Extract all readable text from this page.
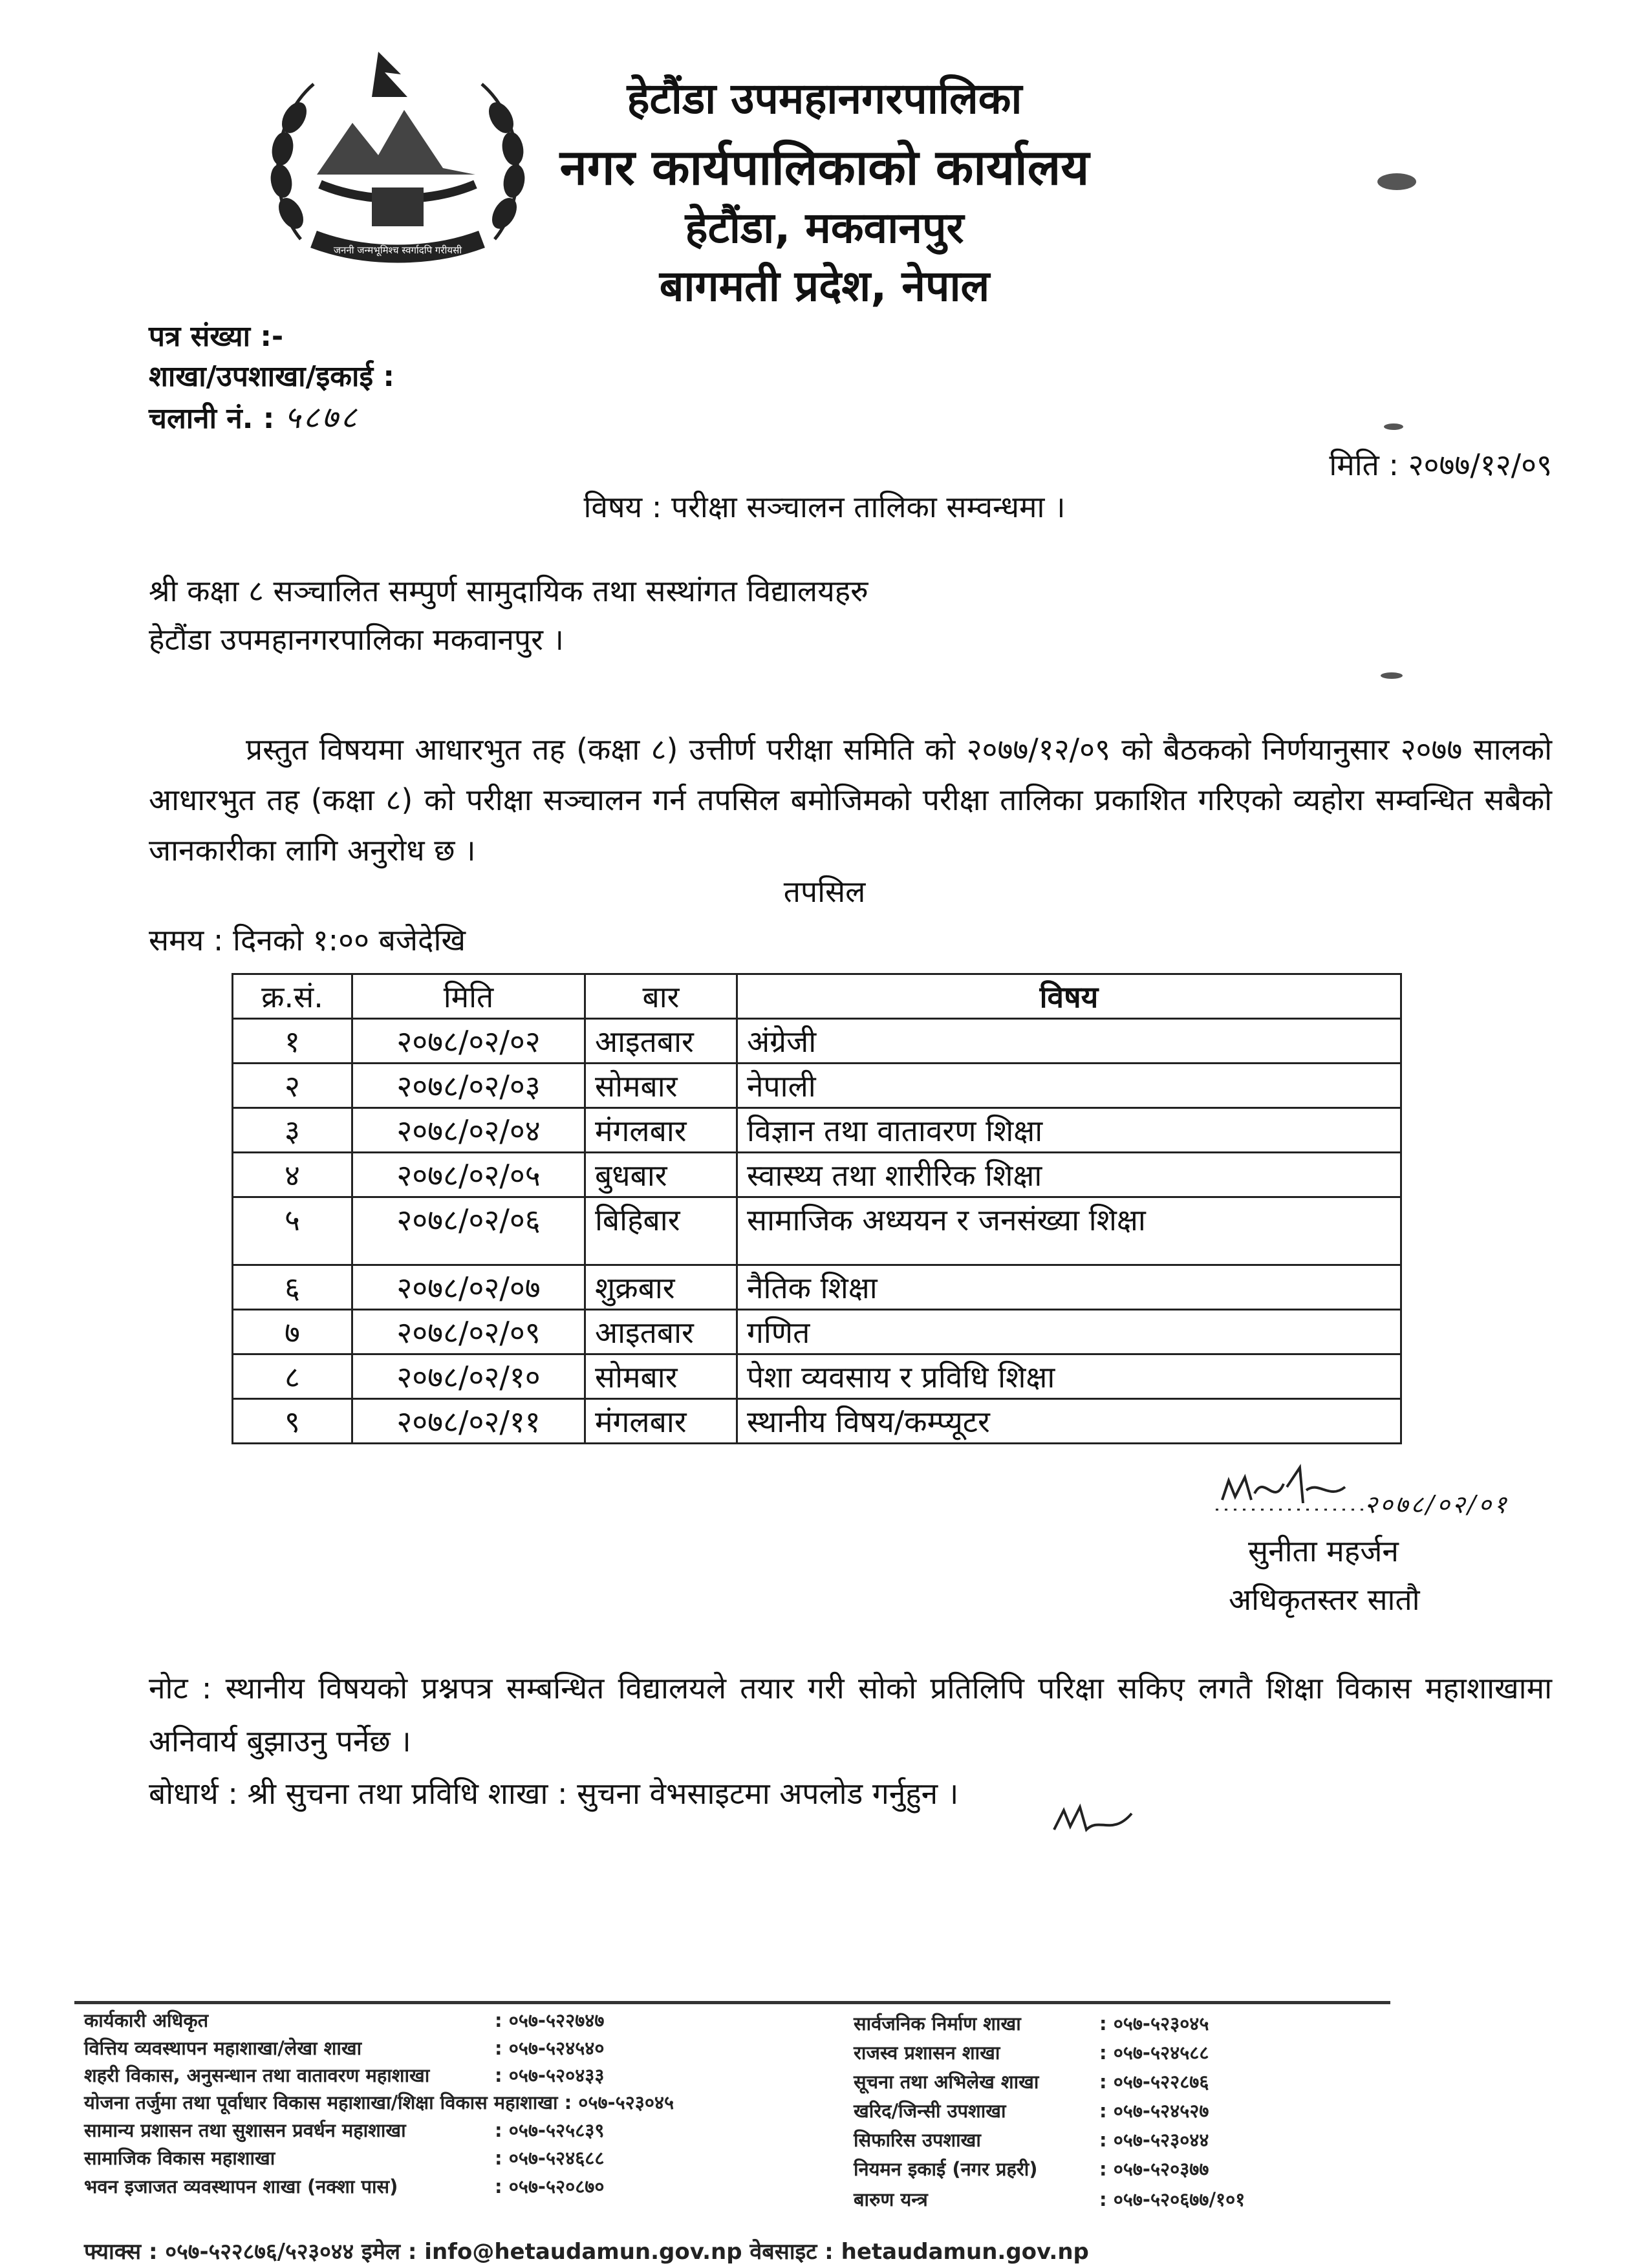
जननी जन्मभूमिश्च स्वर्गादपि गरीयसी
हेटौंडा उपमहानगरपालिका
नगर कार्यपालिकाको कार्यालय
हेटौंडा, मकवानपुर
बागमती प्रदेश, नेपाल
पत्र संख्या :-
शाखा/उपशाखा/इकाई :
चलानी नं. : ५८७८
मिति : २०७७/१२/०९
विषय : परीक्षा सञ्चालन तालिका सम्वन्धमा ।
श्री कक्षा ८ सञ्चालित सम्पुर्ण सामुदायिक तथा सस्थांगत विद्यालयहरु
हेटौंडा उपमहानगरपालिका मकवानपुर ।
प्रस्तुत विषयमा आधारभुत तह (कक्षा ८) उत्तीर्ण परीक्षा समिति को २०७७/१२/०९ को बैठकको निर्णयानुसार २०७७ सालको आधारभुत तह (कक्षा ८) को परीक्षा सञ्चालन गर्न तपसिल बमोजिमको परीक्षा तालिका प्रकाशित गरिएको व्यहोरा सम्वन्धित सबैको जानकारीका लागि अनुरोध छ ।
तपसिल
समय : दिनको १:०० बजेदेखि
क्र.सं.	मिति	बार	विषय
१	२०७८/०२/०२	आइतबार	अंग्रेजी
२	२०७८/०२/०३	सोमबार	नेपाली
३	२०७८/०२/०४	मंगलबार	विज्ञान तथा वातावरण शिक्षा
४	२०७८/०२/०५	बुधबार	स्वास्थ्य तथा शारीरिक शिक्षा
५	२०७८/०२/०६	बिहिबार	सामाजिक अध्ययन र जनसंख्या शिक्षा
६	२०७८/०२/०७	शुक्रबार	नैतिक शिक्षा
७	२०७८/०२/०९	आइतबार	गणित
८	२०७८/०२/१०	सोमबार	पेशा व्यवसाय र प्रविधि शिक्षा
९	२०७८/०२/११	मंगलबार	स्थानीय विषय/कम्प्यूटर
२०७८/०२/०१
सुनीता महर्जन
अधिकृतस्तर सातौ
नोट : स्थानीय विषयको प्रश्नपत्र सम्बन्धित विद्यालयले तयार गरी सोको प्रतिलिपि परिक्षा सकिए लगतै शिक्षा विकास महाशाखामा अनिवार्य बुझाउनु पर्नेछ ।
बोधार्थ : श्री सुचना तथा प्रविधि शाखा : सुचना वेभसाइटमा अपलोड गर्नुहुन ।
कार्यकारी अधिकृत	: ०५७-५२२७४७
वित्तिय व्यवस्थापन महाशाखा/लेखा शाखा	: ०५७-५२४५४०
शहरी विकास, अनुसन्धान तथा वातावरण महाशाखा	: ०५७-५२०४३३
योजना तर्जुमा तथा पूर्वाधार विकास महाशाखा/शिक्षा विकास महाशाखा : ०५७-५२३०४५
सामान्य प्रशासन तथा सुशासन प्रवर्धन महाशाखा	: ०५७-५२५८३९
सामाजिक विकास महाशाखा	: ०५७-५२४६८८
भवन इजाजत व्यवस्थापन शाखा (नक्शा पास)	: ०५७-५२०८७०
सार्वजनिक निर्माण शाखा	: ०५७-५२३०४५
राजस्व प्रशासन शाखा	: ०५७-५२४५८८
सूचना तथा अभिलेख शाखा	: ०५७-५२२८७६
खरिद/जिन्सी उपशाखा	: ०५७-५२४५२७
सिफारिस उपशाखा	: ०५७-५२३०४४
नियमन इकाई (नगर प्रहरी)	: ०५७-५२०३७७
बारुण यन्त्र	: ०५७-५२०६७७/१०१
फ्याक्स : ०५७-५२२८७६/५२३०४४ इमेल : info@hetaudamun.gov.np वेबसाइट : hetaudamun.gov.np
